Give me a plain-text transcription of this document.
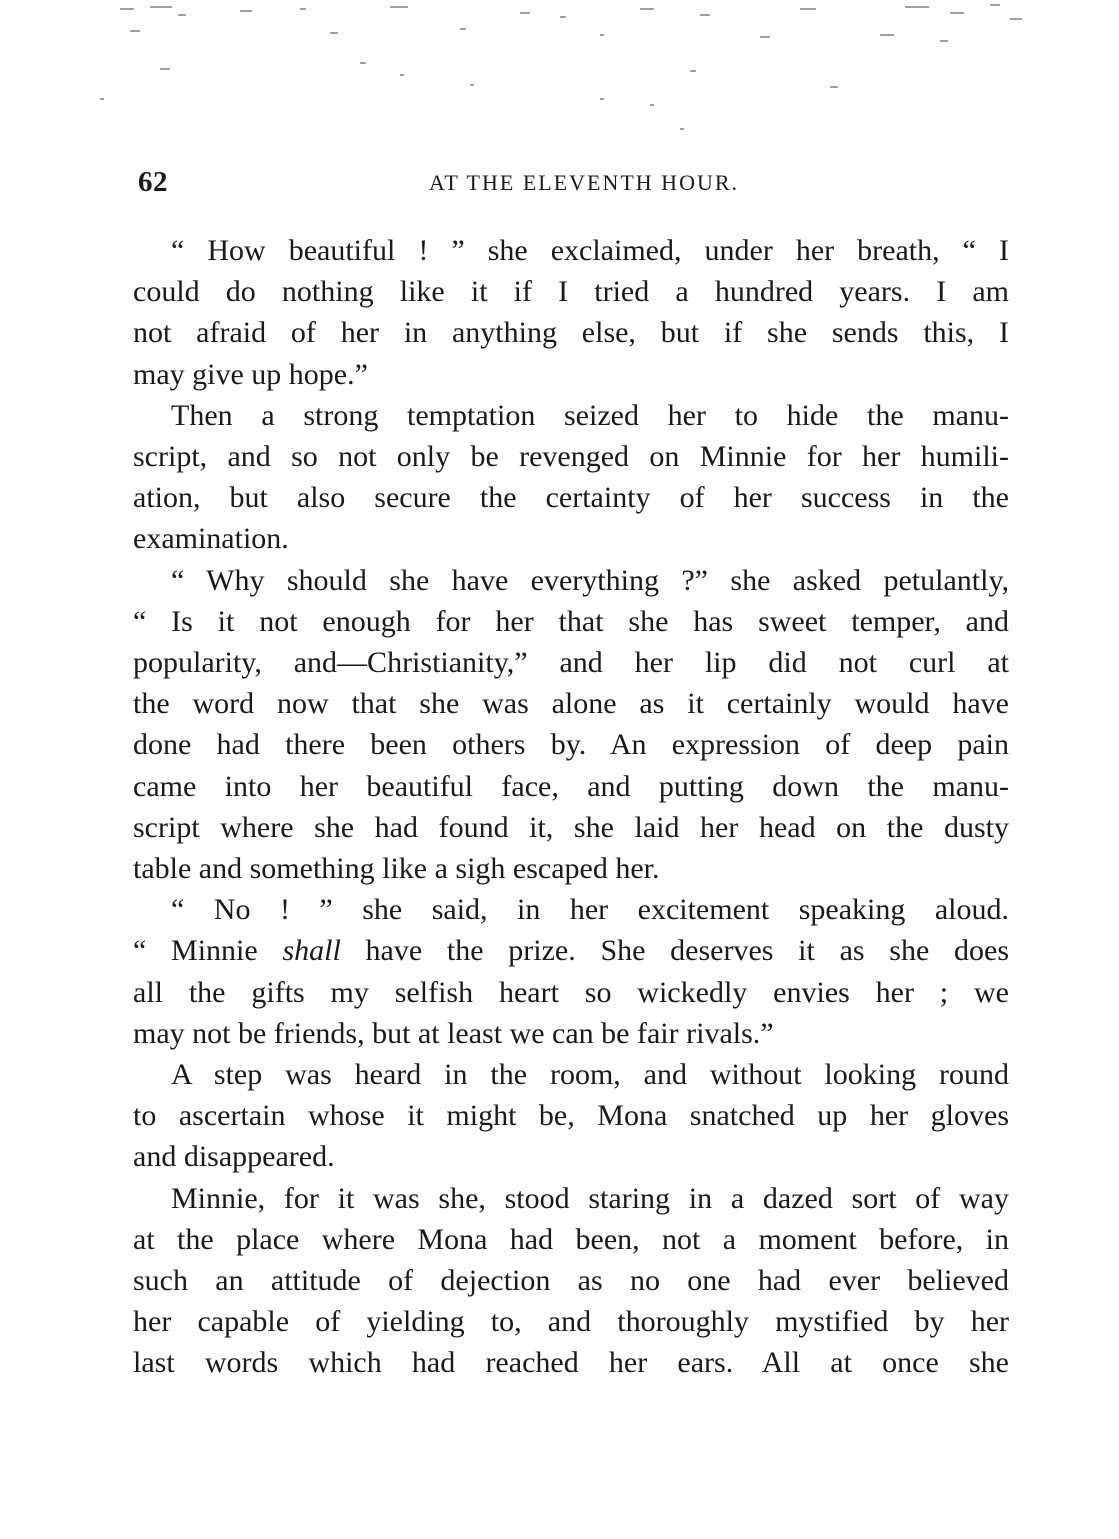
62	AT THE ELEVENTH HOUR.

“ How beautiful ! ” she exclaimed, under her breath, “ I
could do nothing like it if I tried a hundred years. I am
not afraid of her in anything else, but if she sends this, I
may give up hope.”

Then a strong temptation seized her to hide the manu-
script, and so not only be revenged on Minnie for her humili-
ation, but also secure the certainty of her success in the
examination.

“ Why should she have everything ?” she asked petulantly,
“ Is it not enough for her that she has sweet temper, and
popularity, and—Christianity,” and her lip did not curl at
the word now that she was alone as it certainly would have
done had there been others by. An expression of deep pain
came into her beautiful face, and putting down the manu-
script where she had found it, she laid her head on the dusty
table and something like a sigh escaped her.

“ No ! ” she said, in her excitement speaking aloud.
“ Minnie shall have the prize. She deserves it as she does
all the gifts my selfish heart so wickedly envies her ; we
may not be friends, but at least we can be fair rivals.”

A step was heard in the room, and without looking round
to ascertain whose it might be, Mona snatched up her gloves
and disappeared.

Minnie, for it was she, stood staring in a dazed sort of way
at the place where Mona had been, not a moment before, in
such an attitude of dejection as no one had ever believed
her capable of yielding to, and thoroughly mystified by her
last words which had reached her ears. All at once she
